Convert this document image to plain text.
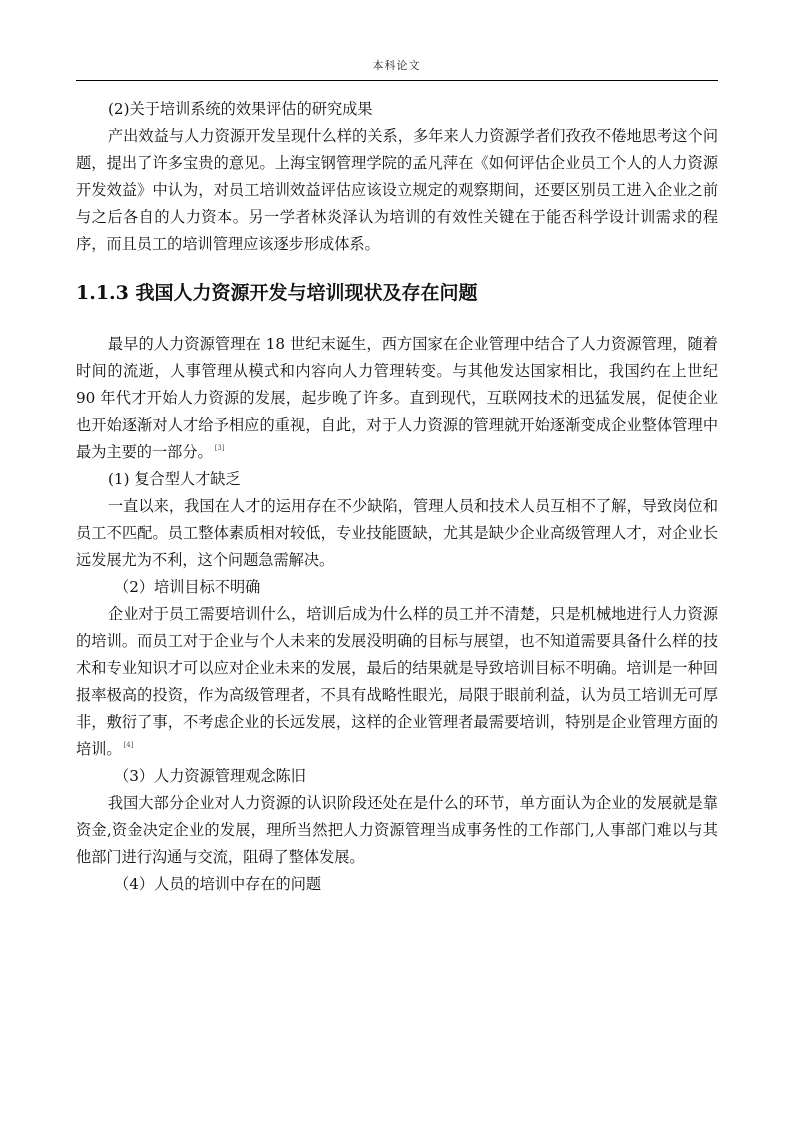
本科论文

(2)关于培训系统的效果评估的研究成果

产出效益与人力资源开发呈现什么样的关系，多年来人力资源学者们孜孜不倦地思考这个问题，提出了许多宝贵的意见。上海宝钢管理学院的孟凡萍在《如何评估企业员工个人的人力资源开发效益》中认为，对员工培训效益评估应该设立规定的观察期间，还要区别员工进入企业之前与之后各自的人力资本。另一学者林炎泽认为培训的有效性关键在于能否科学设计训需求的程序，而且员工的培训管理应该逐步形成体系。

1.1.3 我国人力资源开发与培训现状及存在问题

最早的人力资源管理在 18 世纪末诞生，西方国家在企业管理中结合了人力资源管理，随着时间的流逝，人事管理从模式和内容向人力管理转变。与其他发达国家相比，我国约在上世纪 90 年代才开始人力资源的发展，起步晚了许多。直到现代，互联网技术的迅猛发展，促使企业也开始逐渐对人才给予相应的重视，自此，对于人力资源的管理就开始逐渐变成企业整体管理中最为主要的一部分。 [3]

(1) 复合型人才缺乏

一直以来，我国在人才的运用存在不少缺陷，管理人员和技术人员互相不了解，导致岗位和员工不匹配。员工整体素质相对较低，专业技能匮缺，尤其是缺少企业高级管理人才，对企业长远发展尤为不利，这个问题急需解决。

（2）培训目标不明确

企业对于员工需要培训什么，培训后成为什么样的员工并不清楚，只是机械地进行人力资源的培训。而员工对于企业与个人未来的发展没明确的目标与展望，也不知道需要具备什么样的技术和专业知识才可以应对企业未来的发展，最后的结果就是导致培训目标不明确。培训是一种回报率极高的投资，作为高级管理者，不具有战略性眼光，局限于眼前利益，认为员工培训无可厚非，敷衍了事，不考虑企业的长远发展，这样的企业管理者最需要培训，特别是企业管理方面的培训。 [4]

（3）人力资源管理观念陈旧

我国大部分企业对人力资源的认识阶段还处在是什么的环节，单方面认为企业的发展就是靠资金,资金决定企业的发展，理所当然把人力资源管理当成事务性的工作部门,人事部门难以与其他部门进行沟通与交流，阻碍了整体发展。

（4）人员的培训中存在的问题
